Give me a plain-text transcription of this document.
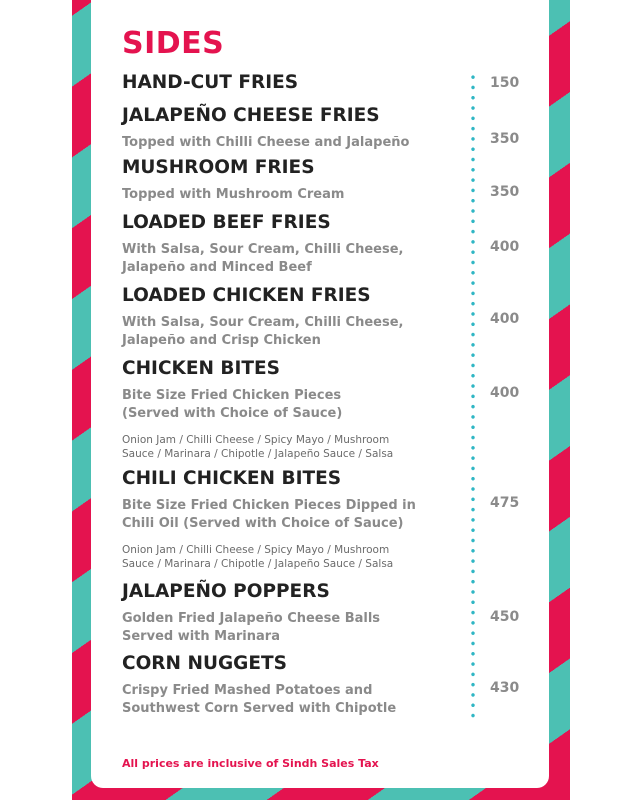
SIDES
HAND-CUT FRIES	150
JALAPEÑO CHEESE FRIES
Topped with Chilli Cheese and Jalapeño	350
MUSHROOM FRIES
Topped with Mushroom Cream	350
LOADED BEEF FRIES
With Salsa, Sour Cream, Chilli Cheese,
Jalapeño and Minced Beef
400
LOADED CHICKEN FRIES
With Salsa, Sour Cream, Chilli Cheese,
Jalapeño and Crisp Chicken
400
CHICKEN BITES
Bite Size Fried Chicken Pieces
(Served with Choice of Sauce)
Onion Jam / Chilli Cheese / Spicy Mayo / Mushroom
Sauce / Marinara / Chipotle / Jalapeño Sauce / Salsa
400
CHILI CHICKEN BITES
Bite Size Fried Chicken Pieces Dipped in
Chili Oil (Served with Choice of Sauce)
Onion Jam / Chilli Cheese / Spicy Mayo / Mushroom
Sauce / Marinara / Chipotle / Jalapeño Sauce / Salsa
475
JALAPEÑO POPPERS
Golden Fried Jalapeño Cheese Balls
Served with Marinara
450
CORN NUGGETS
Crispy Fried Mashed Potatoes and
Southwest Corn Served with Chipotle
430
All prices are inclusive of Sindh Sales Tax
